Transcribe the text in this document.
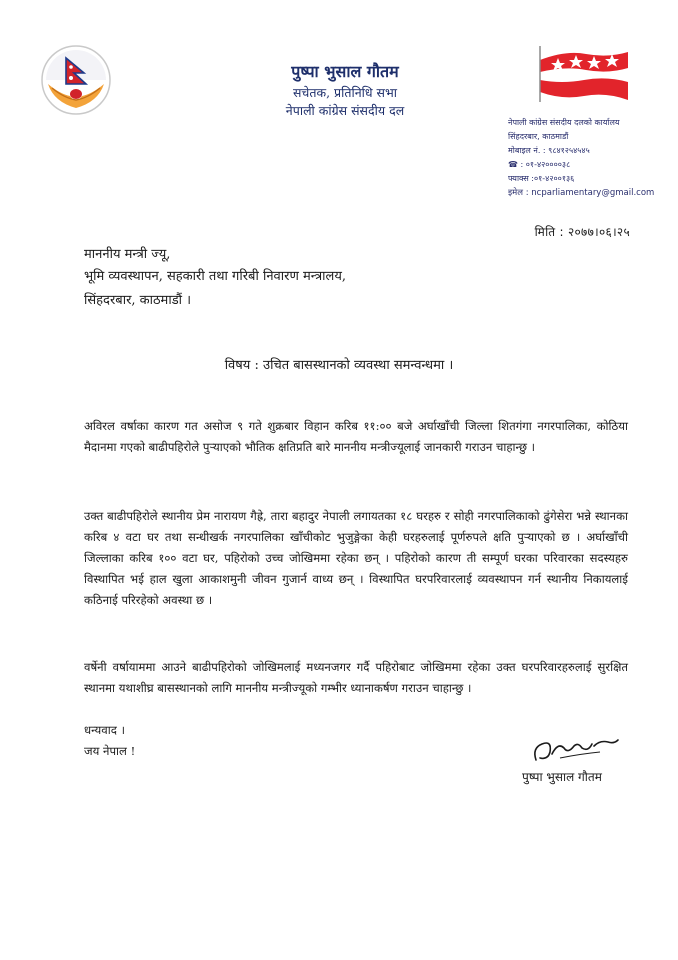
पुष्पा भुसाल गौतम
सचेतक, प्रतिनिधि सभा
नेपाली कांग्रेस संसदीय दल
नेपाली कांग्रेस संसदीय दलको कार्यालय
सिंहदरबार, काठमाडौं
मोबाइल नं. : ९८४१२५४५४५
☎ : ०१-४२००००३८
फ्याक्स :०१-४२००१३६
इमेल : ncparliamentary@gmail.com
मिति : २०७७।०६।२५
माननीय मन्त्री ज्यू,
भूमि व्यवस्थापन, सहकारी तथा गरिबी निवारण मन्त्रालय,
सिंहदरबार, काठमाडौं ।
विषय : उचित बासस्थानको व्यवस्था समन्वन्धमा ।
अविरल वर्षाका कारण गत असोज ९ गते शुक्रबार विहान करिब ११:०० बजे अर्घाखाँची जिल्ला शितगंगा नगरपालिका, कोठिया मैदानमा गएको बाढीपहिरोले पुऱ्याएको भौतिक क्षतिप्रति बारे माननीय मन्त्रीज्यूलाई जानकारी गराउन चाहान्छु ।
उक्त बाढीपहिरोले स्थानीय प्रेम नारायण गैह्रे, तारा बहादुर नेपाली लगायतका १८ घरहरु र सोही नगरपालिकाको ढुंगेसेरा भन्ने स्थानका करिब ४ वटा घर तथा सन्धीखर्क नगरपालिका खाँचीकोट भुजुङ्गेका केही घरहरुलाई पूर्णरुपले क्षति पुऱ्याएको छ । अर्घाखाँची जिल्लाका करिब १०० वटा घर, पहिरोको उच्च जोखिममा रहेका छन् । पहिरोको कारण ती सम्पूर्ण घरका परिवारका सदस्यहरु विस्थापित भई हाल खुला आकाशमुनी जीवन गुजार्न वाध्य छन् । विस्थापित घरपरिवारलाई व्यवस्थापन गर्न स्थानीय निकायलाई कठिनाई परिरहेको अवस्था छ ।
वर्षेनी वर्षायाममा आउने बाढीपहिरोको जोखिमलाई मध्यनजगर गर्दै पहिरोबाट जोखिममा रहेका उक्त घरपरिवारहरुलाई सुरक्षित स्थानमा यथाशीघ्र बासस्थानको लागि माननीय मन्त्रीज्यूको गम्भीर ध्यानाकर्षण गराउन चाहान्छु ।
धन्यवाद ।
जय नेपाल !
पुष्पा भुसाल गौतम
